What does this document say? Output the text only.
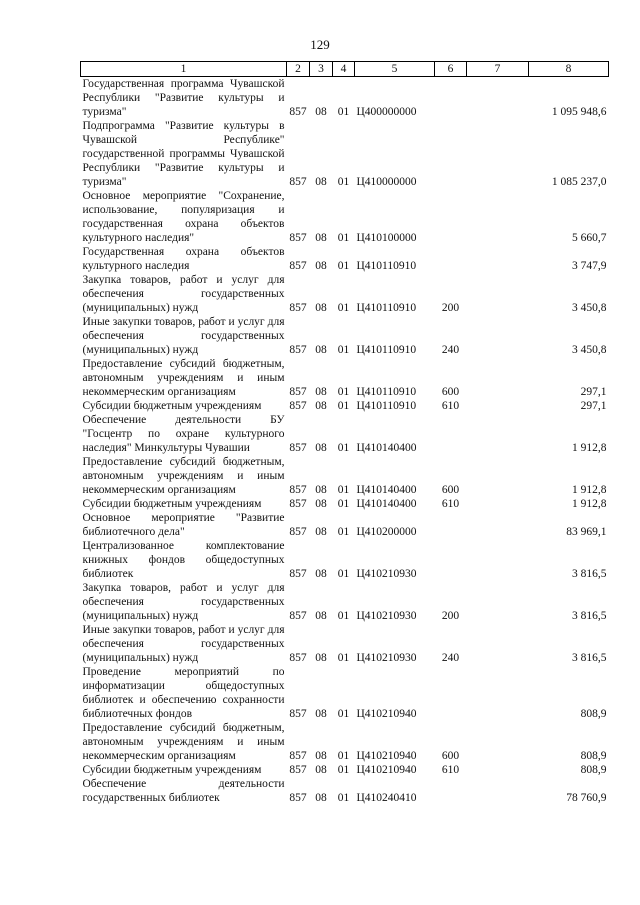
129
1	2	3	4	5	6	7	8
Государственная программа Чувашской Республики "Развитие культуры и туризма"	857	08	01	Ц400000000			1 095 948,6
Подпрограмма "Развитие культуры в Чувашской Республике" государственной программы Чувашской Республики "Развитие культуры и туризма"	857	08	01	Ц410000000			1 085 237,0
Основное мероприятие "Сохранение, использование, популяризация и государственная охрана объектов культурного наследия"	857	08	01	Ц410100000			5 660,7
Государственная охрана объектов культурного наследия	857	08	01	Ц410110910			3 747,9
Закупка товаров, работ и услуг для обеспечения государственных (муниципальных) нужд	857	08	01	Ц410110910	200		3 450,8
Иные закупки товаров, работ и услуг для обеспечения государственных (муниципальных) нужд	857	08	01	Ц410110910	240		3 450,8
Предоставление субсидий бюджетным, автономным учреждениям и иным некоммерческим организациям	857	08	01	Ц410110910	600		297,1
Субсидии бюджетным учреждениям	857	08	01	Ц410110910	610		297,1
Обеспечение деятельности БУ "Госцентр по охране культурного наследия" Минкультуры Чувашии	857	08	01	Ц410140400			1 912,8
Предоставление субсидий бюджетным, автономным учреждениям и иным некоммерческим организациям	857	08	01	Ц410140400	600		1 912,8
Субсидии бюджетным учреждениям	857	08	01	Ц410140400	610		1 912,8
Основное мероприятие "Развитие библиотечного дела"	857	08	01	Ц410200000			83 969,1
Централизованное комплектование книжных фондов общедоступных библиотек	857	08	01	Ц410210930			3 816,5
Закупка товаров, работ и услуг для обеспечения государственных (муниципальных) нужд	857	08	01	Ц410210930	200		3 816,5
Иные закупки товаров, работ и услуг для обеспечения государственных (муниципальных) нужд	857	08	01	Ц410210930	240		3 816,5
Проведение мероприятий по информатизации общедоступных библиотек и обеспечению сохранности библиотечных фондов	857	08	01	Ц410210940			808,9
Предоставление субсидий бюджетным, автономным учреждениям и иным некоммерческим организациям	857	08	01	Ц410210940	600		808,9
Субсидии бюджетным учреждениям	857	08	01	Ц410210940	610		808,9
Обеспечение деятельности государственных библиотек	857	08	01	Ц410240410			78 760,9
